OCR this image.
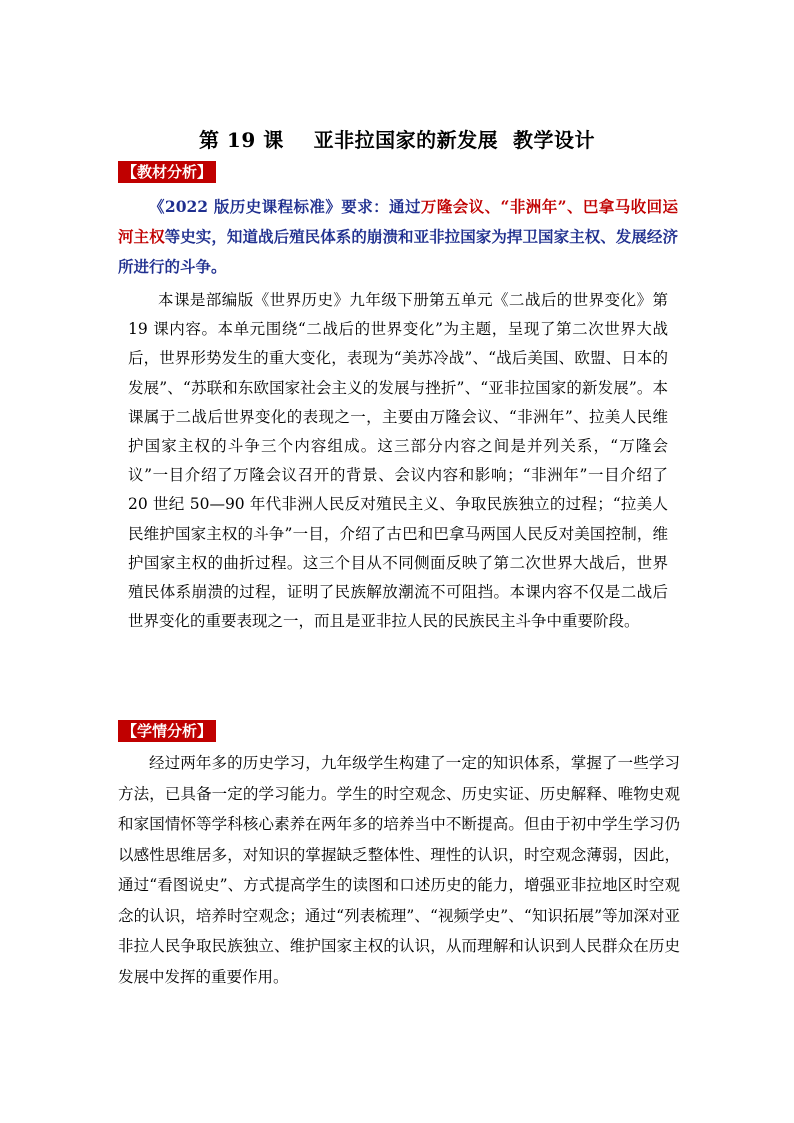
第 19 课    亚非拉国家的新发展  教学设计
【教材分析】

《2022 版历史课程标准》要求：通过万隆会议、“非洲年”、巴拿马收回运河主权等史实，知道战后殖民体系的崩溃和亚非拉国家为捍卫国家主权、发展经济所进行的斗争。

本课是部编版《世界历史》九年级下册第五单元《二战后的世界变化》第 19 课内容。本单元围绕“二战后的世界变化”为主题，呈现了第二次世界大战后，世界形势发生的重大变化，表现为“美苏冷战”、“战后美国、欧盟、日本的发展”、“苏联和东欧国家社会主义的发展与挫折”、“亚非拉国家的新发展”。本课属于二战后世界变化的表现之一，主要由万隆会议、“非洲年”、拉美人民维护国家主权的斗争三个内容组成。这三部分内容之间是并列关系，“万隆会议”一目介绍了万隆会议召开的背景、会议内容和影响；“非洲年”一目介绍了 20 世纪 50—90 年代非洲人民反对殖民主义、争取民族独立的过程；“拉美人民维护国家主权的斗争”一目，介绍了古巴和巴拿马两国人民反对美国控制，维护国家主权的曲折过程。这三个目从不同侧面反映了第二次世界大战后，世界殖民体系崩溃的过程，证明了民族解放潮流不可阻挡。本课内容不仅是二战后世界变化的重要表现之一，而且是亚非拉人民的民族民主斗争中重要阶段。

【学情分析】

经过两年多的历史学习，九年级学生构建了一定的知识体系，掌握了一些学习方法，已具备一定的学习能力。学生的时空观念、历史实证、历史解释、唯物史观和家国情怀等学科核心素养在两年多的培养当中不断提高。但由于初中学生学习仍以感性思维居多，对知识的掌握缺乏整体性、理性的认识，时空观念薄弱，因此，通过“看图说史”、方式提高学生的读图和口述历史的能力，增强亚非拉地区时空观念的认识，培养时空观念；通过“列表梳理”、“视频学史”、“知识拓展”等加深对亚非拉人民争取民族独立、维护国家主权的认识，从而理解和认识到人民群众在历史发展中发挥的重要作用。
